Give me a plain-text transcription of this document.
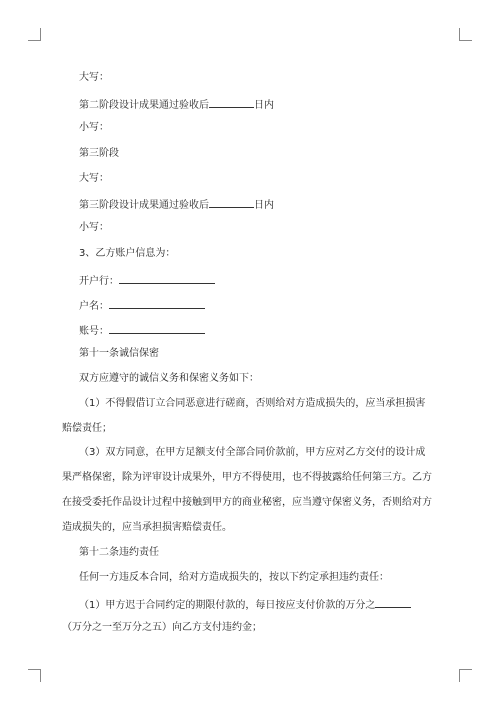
大写：
第二阶段设计成果通过验收后	日内
小写：
第三阶段
大写：
第三阶段设计成果通过验收后	日内
小写：
3、乙方账户信息为：
开户行：
户名：
账号：
第十一条诚信保密
双方应遵守的诚信义务和保密义务如下：
（1）不得假借订立合同恶意进行磋商，否则给对方造成损失的，应当承担损害
赔偿责任；
（3）双方同意，在甲方足额支付全部合同价款前，甲方应对乙方交付的设计成
果严格保密，除为评审设计成果外，甲方不得使用，也不得披露给任何第三方。乙方
在接受委托作品设计过程中接触到甲方的商业秘密，应当遵守保密义务，否则给对方
造成损失的，应当承担损害赔偿责任。
第十二条违约责任
任何一方违反本合同，给对方造成损失的，按以下约定承担违约责任：
（1）甲方迟于合同约定的期限付款的，每日按应支付价款的万分之
（万分之一至万分之五）向乙方支付违约金；
